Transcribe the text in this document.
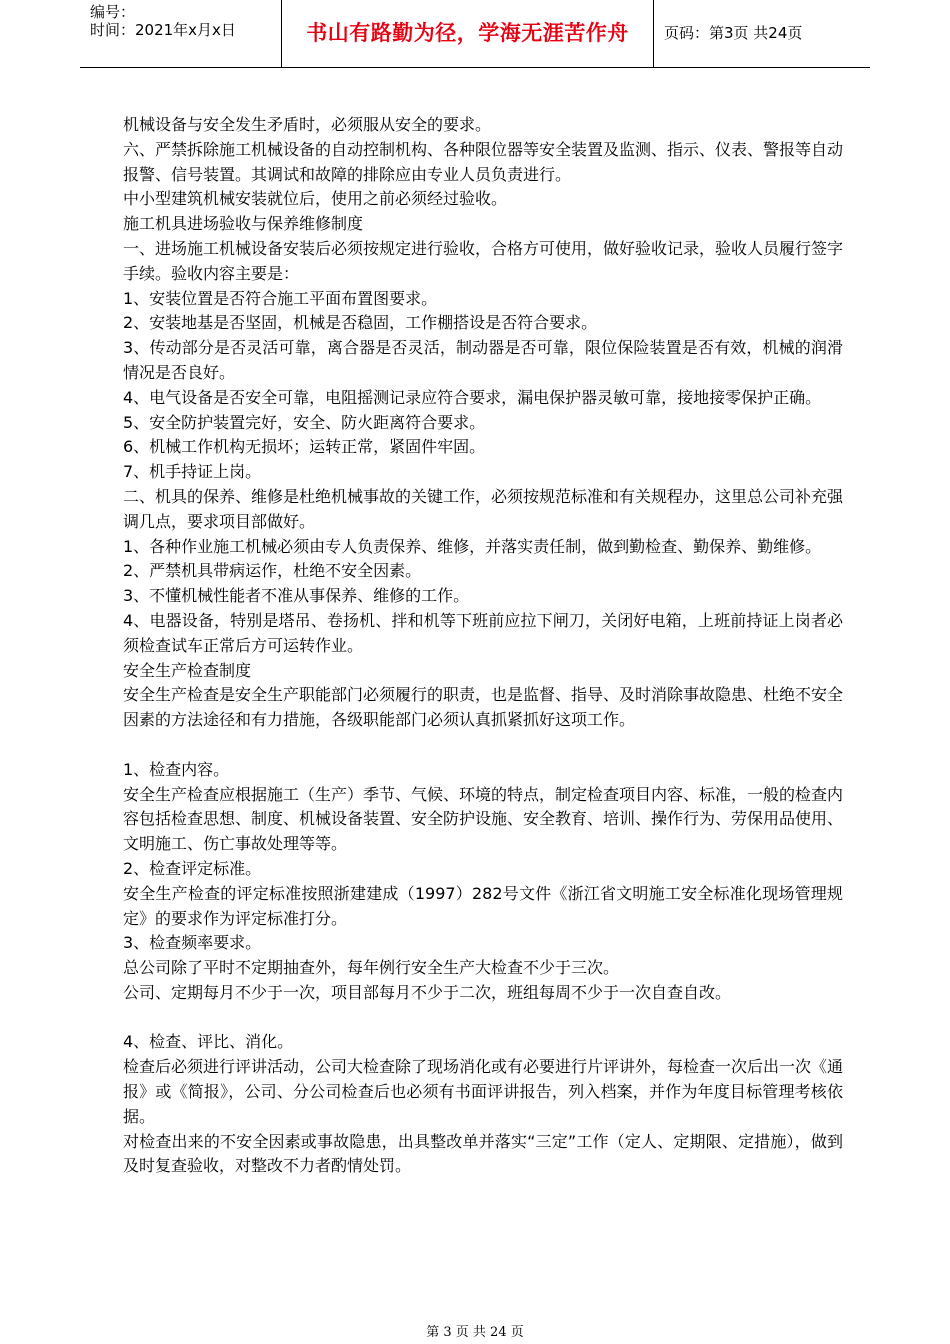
编号：
时间：2021年x月x日	书山有路勤为径，学海无涯苦作舟	页码：第3页 共24页

机械设备与安全发生矛盾时，必须服从安全的要求。

六、严禁拆除施工机械设备的自动控制机构、各种限位器等安全装置及监测、指示、仪表、警报等自动报警、信号装置。其调试和故障的排除应由专业人员负责进行。

中小型建筑机械安装就位后，使用之前必须经过验收。

施工机具进场验收与保养维修制度

一、进场施工机械设备安装后必须按规定进行验收，合格方可使用，做好验收记录，验收人员履行签字手续。验收内容主要是：

1、安装位置是否符合施工平面布置图要求。

2、安装地基是否坚固，机械是否稳固，工作棚搭设是否符合要求。

3、传动部分是否灵活可靠，离合器是否灵活，制动器是否可靠，限位保险装置是否有效，机械的润滑情况是否良好。

4、电气设备是否安全可靠，电阻摇测记录应符合要求，漏电保护器灵敏可靠，接地接零保护正确。

5、安全防护装置完好，安全、防火距离符合要求。

6、机械工作机构无损坏；运转正常，紧固件牢固。

7、机手持证上岗。

二、机具的保养、维修是杜绝机械事故的关键工作，必须按规范标准和有关规程办，这里总公司补充强调几点，要求项目部做好。

1、各种作业施工机械必须由专人负责保养、维修，并落实责任制，做到勤检查、勤保养、勤维修。

2、严禁机具带病运作，杜绝不安全因素。

3、不懂机械性能者不准从事保养、维修的工作。

4、电器设备，特别是塔吊、卷扬机、拌和机等下班前应拉下闸刀，关闭好电箱，上班前持证上岗者必须检查试车正常后方可运转作业。

安全生产检查制度

安全生产检查是安全生产职能部门必须履行的职责，也是监督、指导、及时消除事故隐患、杜绝不安全因素的方法途径和有力措施，各级职能部门必须认真抓紧抓好这项工作。

1、检查内容。

安全生产检查应根据施工（生产）季节、气候、环境的特点，制定检查项目内容、标准，一般的检查内容包括检查思想、制度、机械设备装置、安全防护设施、安全教育、培训、操作行为、劳保用品使用、文明施工、伤亡事故处理等等。

2、检查评定标准。

安全生产检查的评定标准按照浙建建成（1997）282号文件《浙江省文明施工安全标准化现场管理规定》的要求作为评定标准打分。

3、检查频率要求。

总公司除了平时不定期抽查外，每年例行安全生产大检查不少于三次。

公司、定期每月不少于一次，项目部每月不少于二次，班组每周不少于一次自查自改。

4、检查、评比、消化。

检查后必须进行评讲活动，公司大检查除了现场消化或有必要进行片评讲外，每检查一次后出一次《通报》或《简报》，公司、分公司检查后也必须有书面评讲报告，列入档案，并作为年度目标管理考核依据。

对检查出来的不安全因素或事故隐患，出具整改单并落实“三定”工作（定人、定期限、定措施），做到及时复查验收，对整改不力者酌情处罚。

第 3 页 共 24 页
